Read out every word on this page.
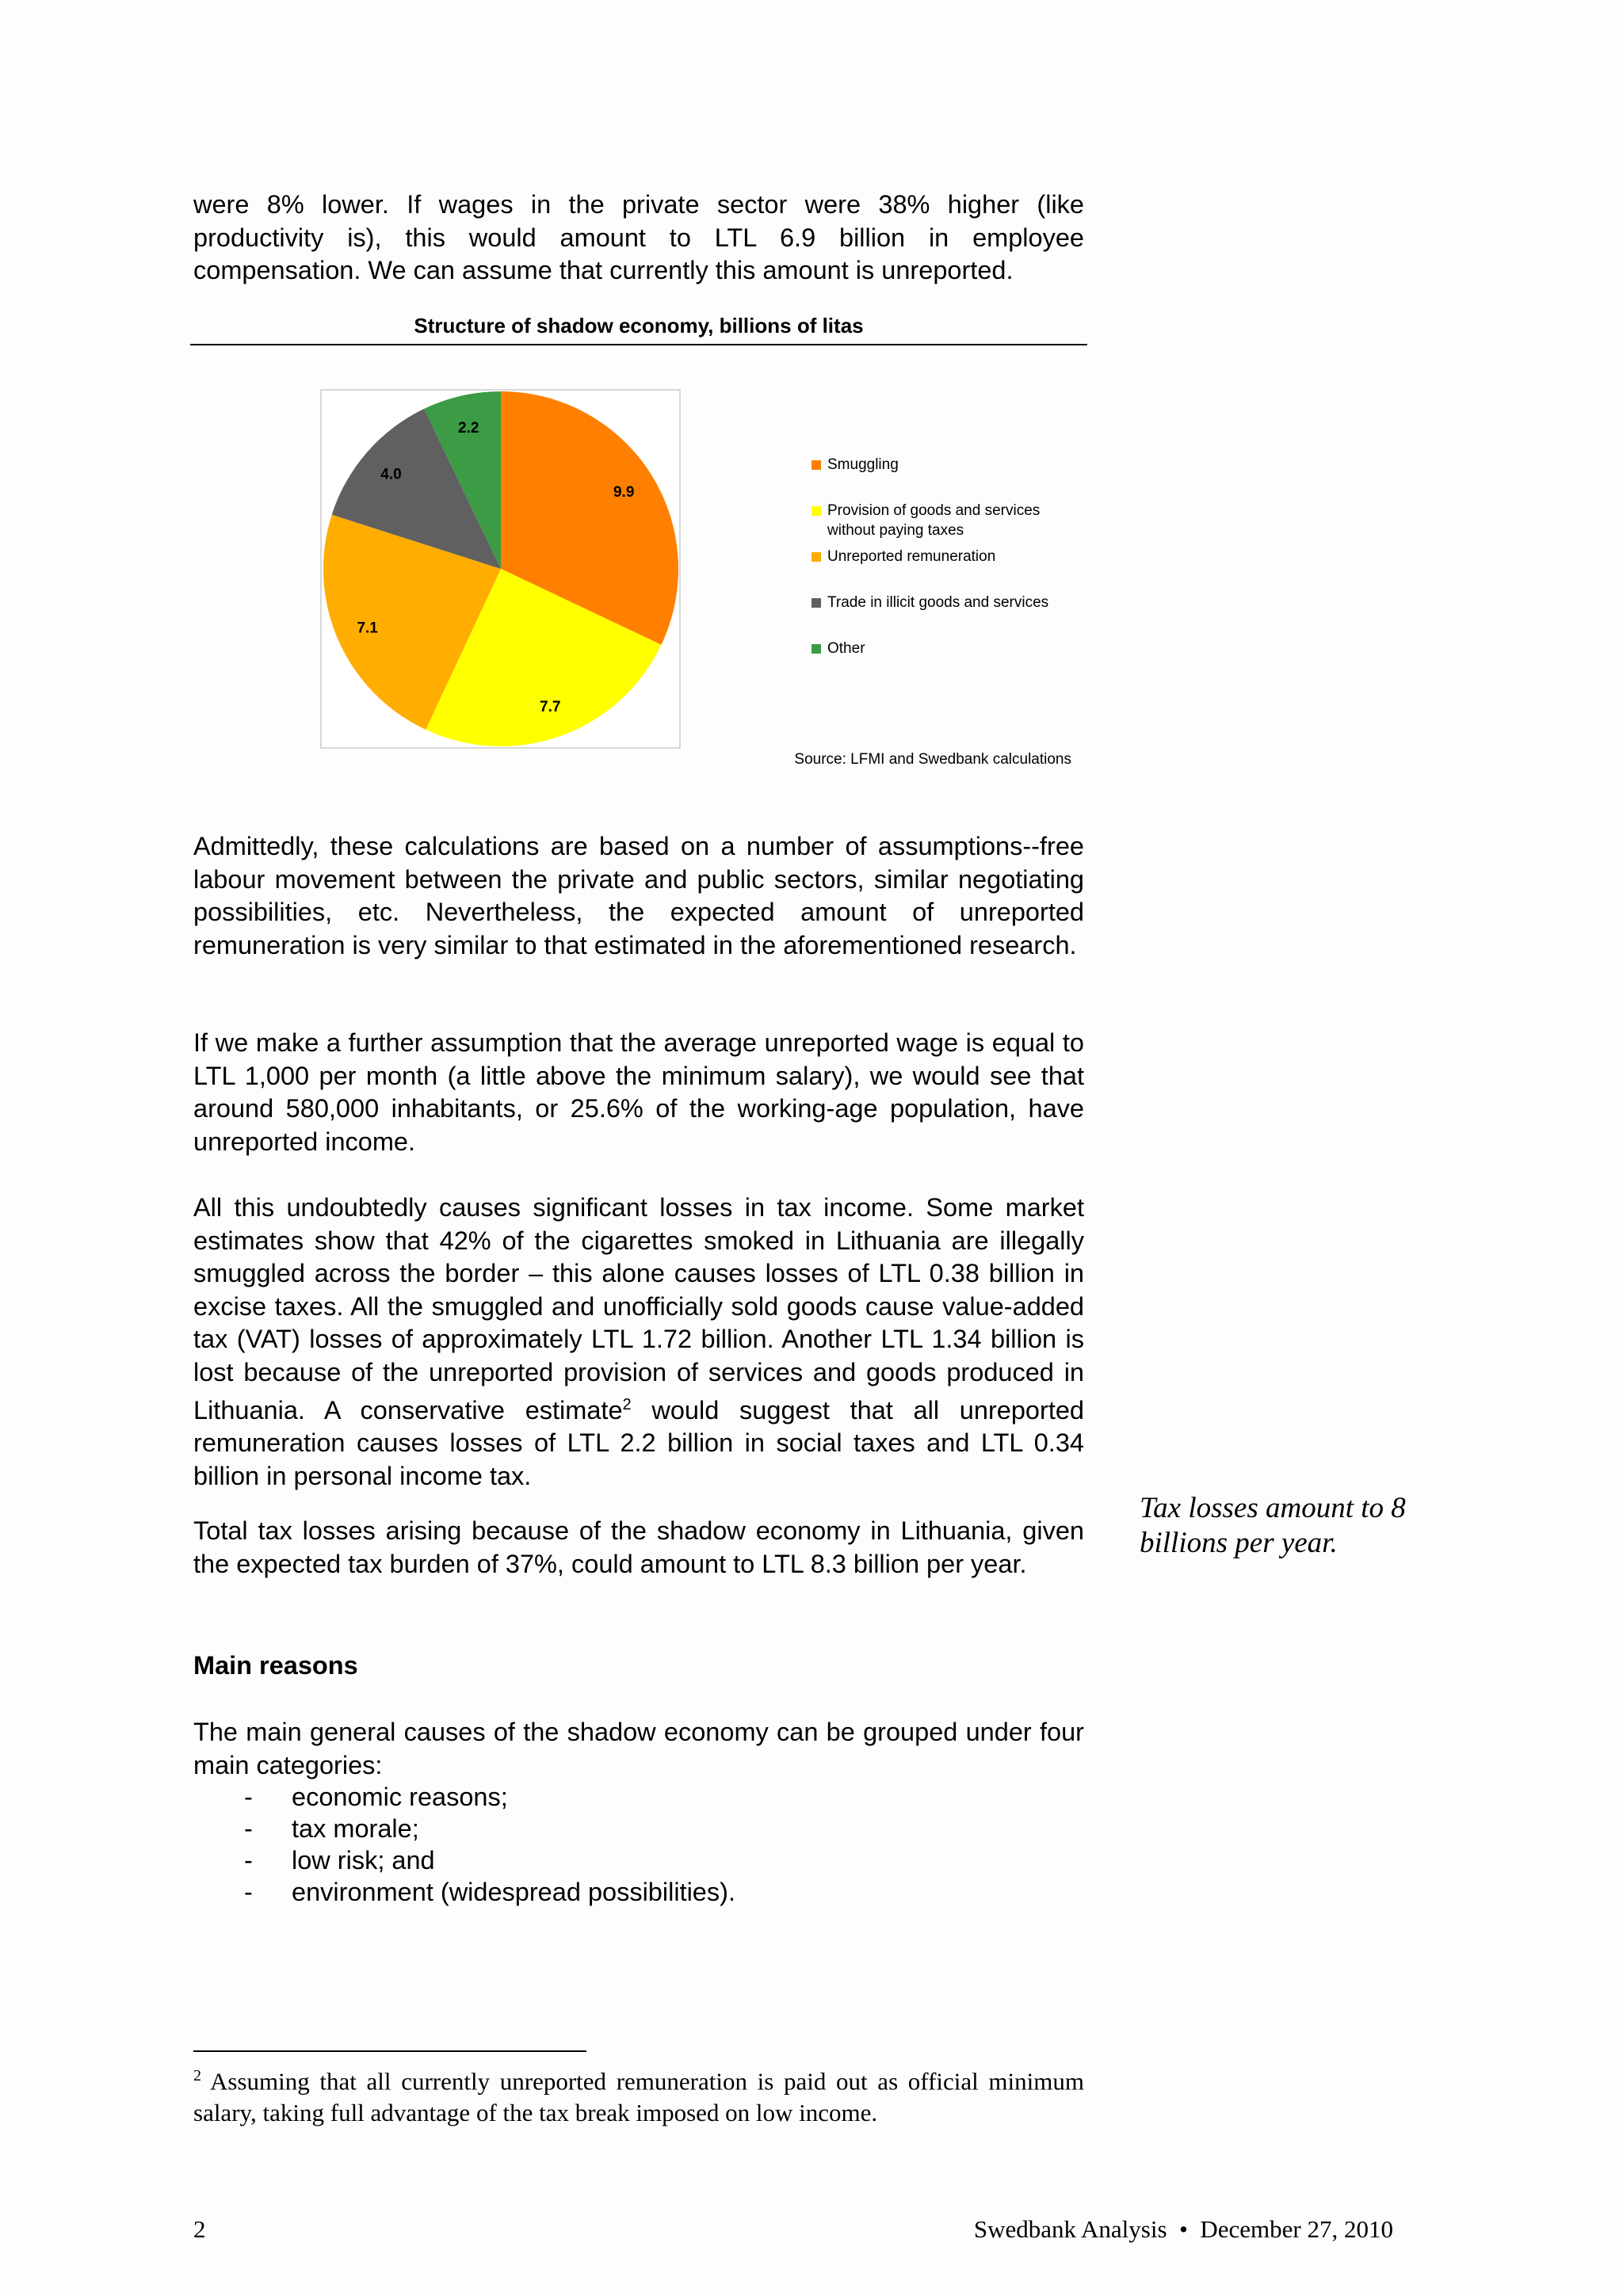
were 8% lower. If wages in the private sector were 38% higher (like productivity is), this would amount to LTL 6.9 billion in employee compensation. We can assume that currently this amount is unreported.

Structure of shadow economy, billions of litas
9.9
7.7
7.1
4.0
2.2
Smuggling
Provision of goods and services
without paying taxes
Unreported remuneration
Trade in illicit goods and services
Other
Source: LFMI and Swedbank calculations

Admittedly, these calculations are based on a number of assumptions--free labour movement between the private and public sectors, similar negotiating possibilities, etc. Nevertheless, the expected amount of unreported remuneration is very similar to that estimated in the aforementioned research.

If we make a further assumption that the average unreported wage is equal to LTL 1,000 per month (a little above the minimum salary), we would see that around 580,000 inhabitants, or 25.6% of the working-age population, have unreported income.

All this undoubtedly causes significant losses in tax income. Some market estimates show that 42% of the cigarettes smoked in Lithuania are illegally smuggled across the border – this alone causes losses of LTL 0.38 billion in excise taxes. All the smuggled and unofficially sold goods cause value-added tax (VAT) losses of approximately LTL 1.72 billion. Another LTL 1.34 billion is lost because of the unreported provision of services and goods produced in Lithuania. A conservative estimate$^2$ would suggest that all unreported remuneration causes losses of LTL 2.2 billion in social taxes and LTL 0.34 billion in personal income tax.

Tax losses amount to 8 billions per year.

Total tax losses arising because of the shadow economy in Lithuania, given the expected tax burden of 37%, could amount to LTL 8.3 billion per year.

Main reasons

The main general causes of the shadow economy can be grouped under four main categories:

- economic reasons;
- tax morale;
- low risk; and
- environment (widespread possibilities).

$^2$ Assuming that all currently unreported remuneration is paid out as official minimum salary, taking full advantage of the tax break imposed on low income.

2	Swedbank Analysis • December 27, 2010
